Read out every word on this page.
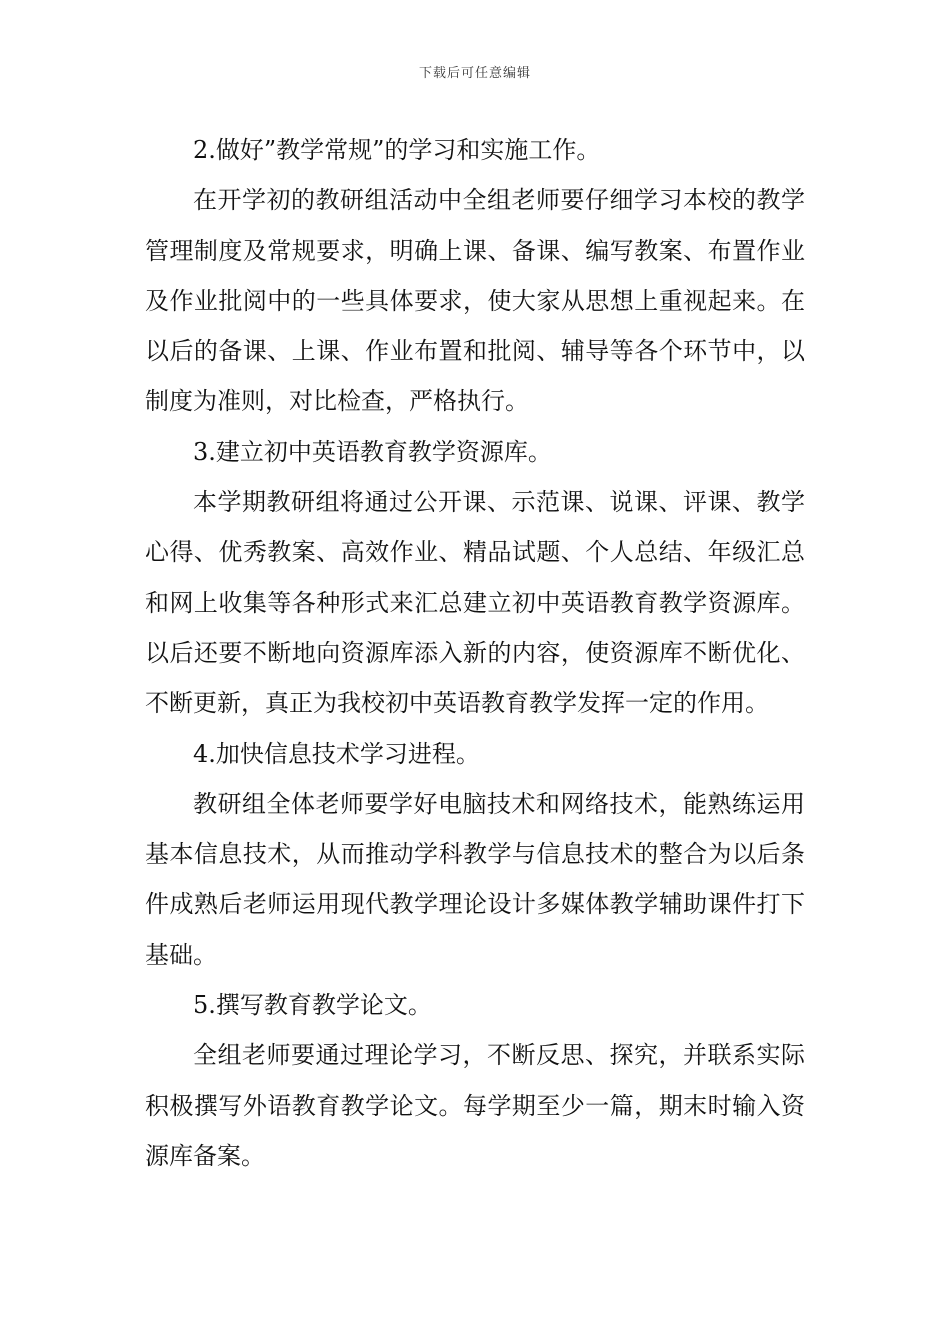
下载后可任意编辑

2.做好”教学常规”的学习和实施工作。

在开学初的教研组活动中全组老师要仔细学习本校的教学管理制度及常规要求，明确上课、备课、编写教案、布置作业及作业批阅中的一些具体要求，使大家从思想上重视起来。在以后的备课、上课、作业布置和批阅、辅导等各个环节中，以制度为准则，对比检查，严格执行。

3.建立初中英语教育教学资源库。

本学期教研组将通过公开课、示范课、说课、评课、教学心得、优秀教案、高效作业、精品试题、个人总结、年级汇总和网上收集等各种形式来汇总建立初中英语教育教学资源库。以后还要不断地向资源库添入新的内容，使资源库不断优化、不断更新，真正为我校初中英语教育教学发挥一定的作用。

4.加快信息技术学习进程。

教研组全体老师要学好电脑技术和网络技术，能熟练运用基本信息技术，从而推动学科教学与信息技术的整合为以后条件成熟后老师运用现代教学理论设计多媒体教学辅助课件打下基础。

5.撰写教育教学论文。

全组老师要通过理论学习，不断反思、探究，并联系实际积极撰写外语教育教学论文。每学期至少一篇，期末时输入资源库备案。
